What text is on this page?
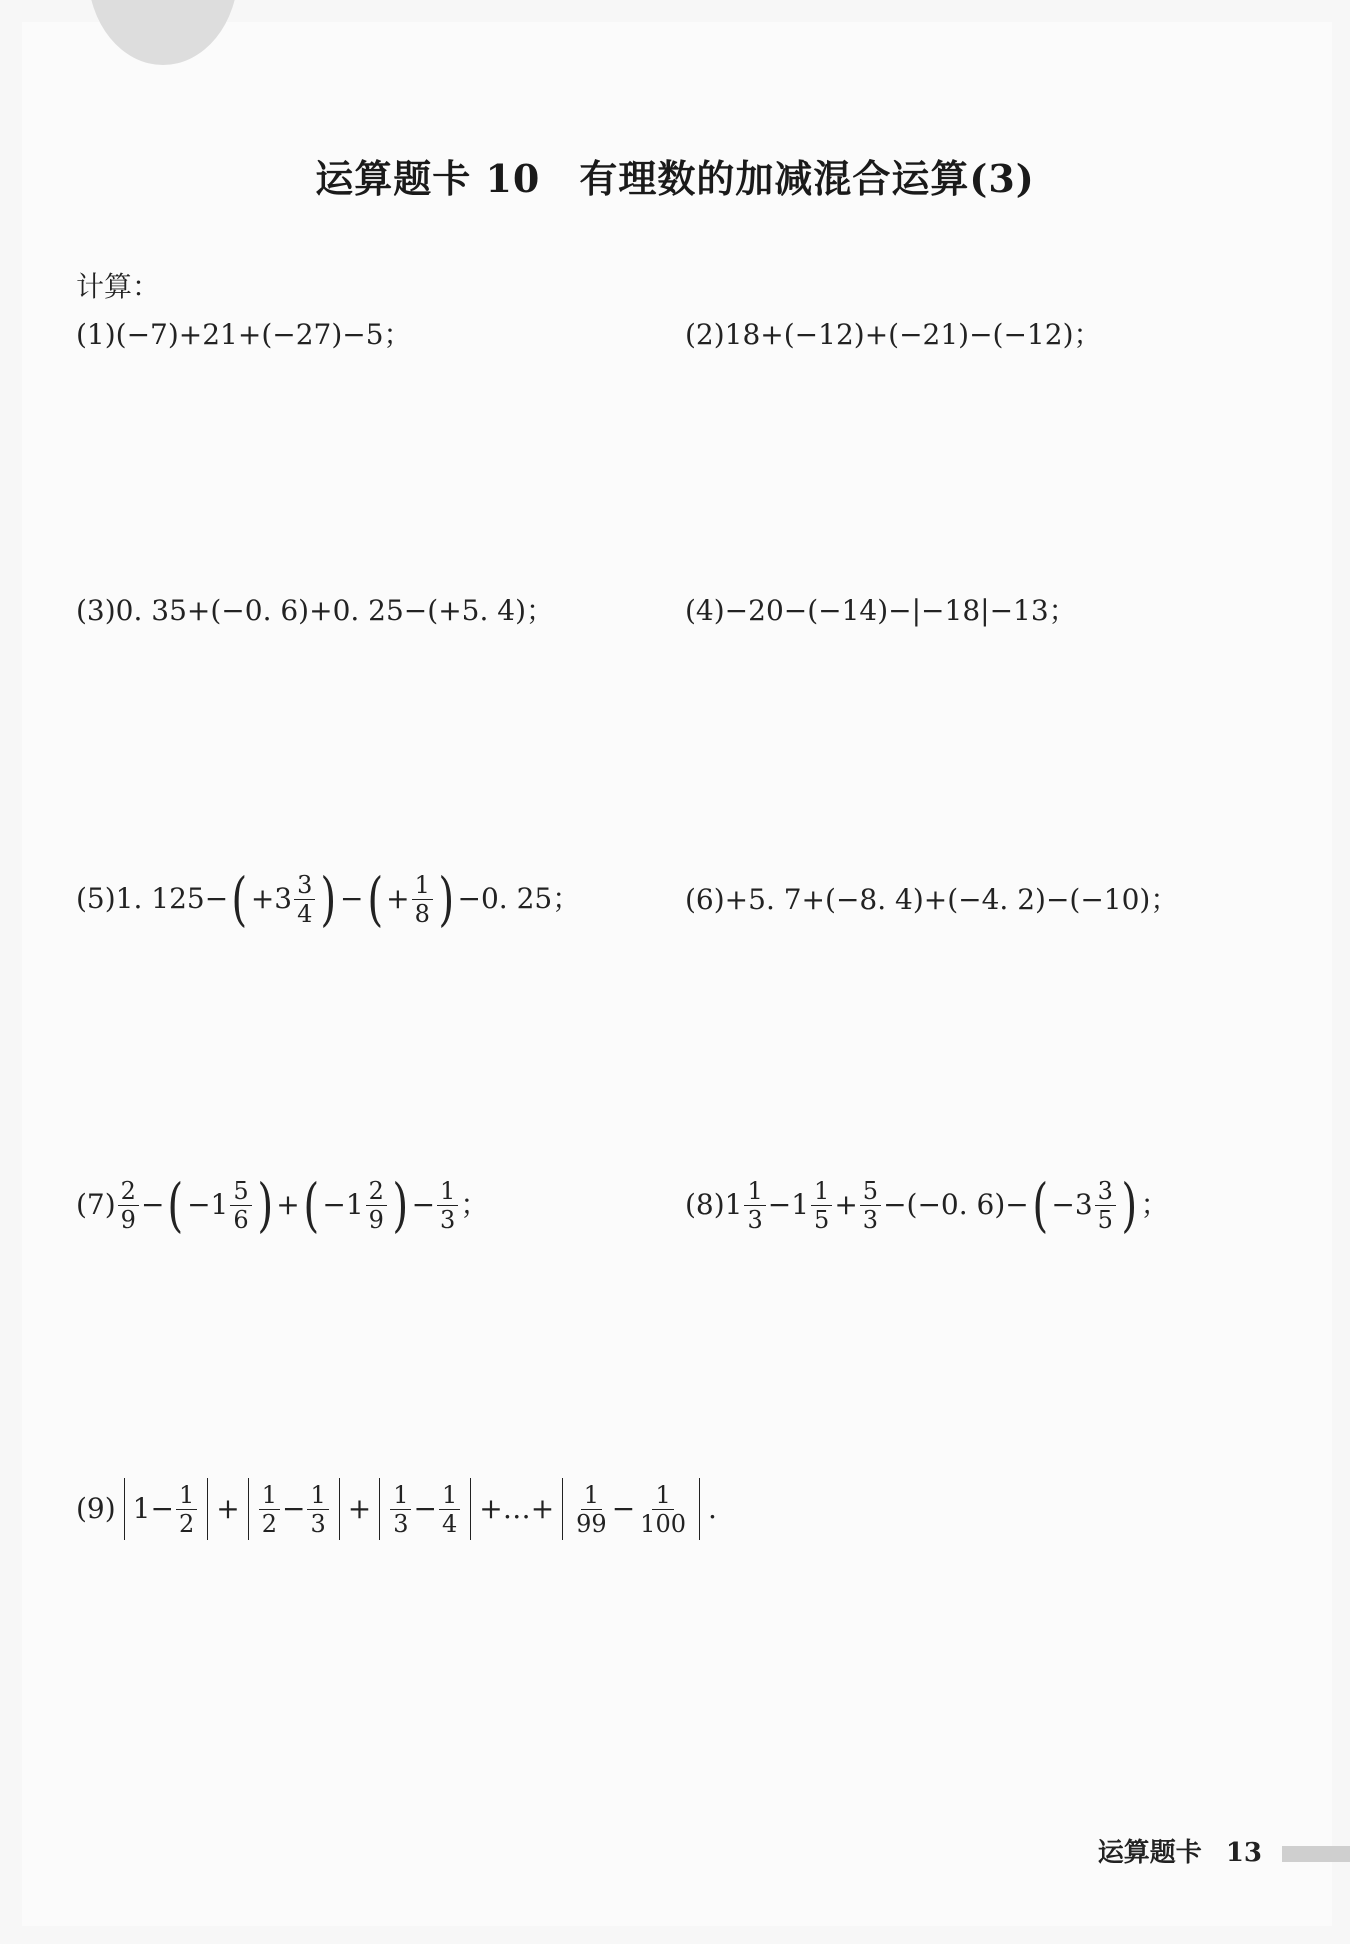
运算题卡 10　有理数的加减混合运算(3)
计算：
(1)(−7)+21+(−27)−5；	(2)18+(−12)+(−21)−(−12)；
(3)0. 35+(−0. 6)+0. 25−(+5. 4)；	(4)−20−(−14)−|−18|−13；
(5)1. 125− ( $+3 \frac{3}{4}$ ) − ( + $\frac{1}{8}$ ) −0. 25；	(6)+5. 7+(−8. 4)+(−4. 2)−(−10)；
$(7) \frac{2}{9}$ − ( $-1 \frac{5}{6}$ ) + ( $-1 \frac{2}{9}$ ) − $\frac{1}{3}$ ；	$(8)1 \frac{1}{3} -1 \frac{1}{5} + \frac{5}{3} -(-0$. 6)− ( $-3 \frac{3}{5}$ ) ；
(9) $1- \frac{1}{2} + \frac{1}{2} - \frac{1}{3} + \frac{1}{3} - \frac{1}{4}$ +…+ $\frac{1}{99} - \frac{1}{100}$ .
运算题卡 13
